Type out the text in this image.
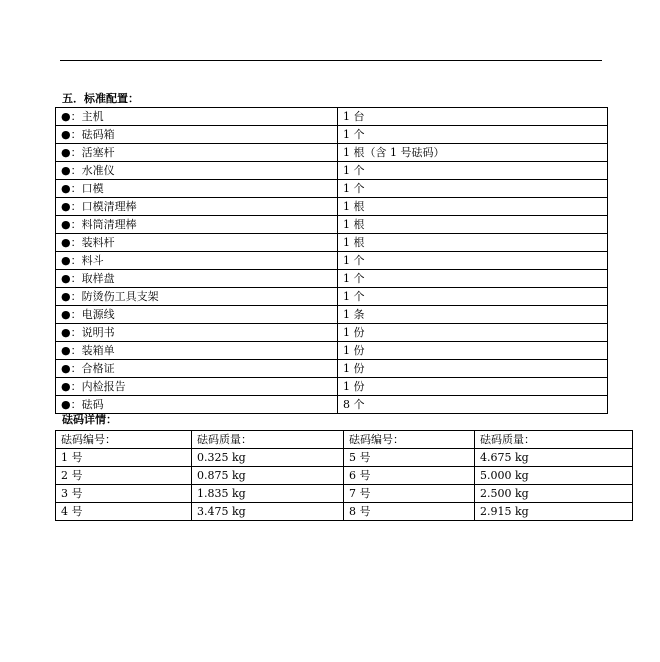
五．标准配置：
●：主机	1 台
●：砝码箱	1 个
●：活塞杆	1 根（含 1 号砝码）
●：水准仪	1 个
●：口模	1 个
●：口模清理棒	1 根
●：料筒清理棒	1 根
●：装料杆	1 根
●：料斗	1 个
●：取样盘	1 个
●：防烫伤工具支架	1 个
●：电源线	1 条
●：说明书	1 份
●：装箱单	1 份
●：合格证	1 份
●：内检报告	1 份
●：砝码	8 个
砝码详情：
砝码编号：	砝码质量：	砝码编号：	砝码质量：
1 号	0.325 kg	5 号	4.675 kg
2 号	0.875 kg	6 号	5.000 kg
3 号	1.835 kg	7 号	2.500 kg
4 号	3.475 kg	8 号	2.915 kg
